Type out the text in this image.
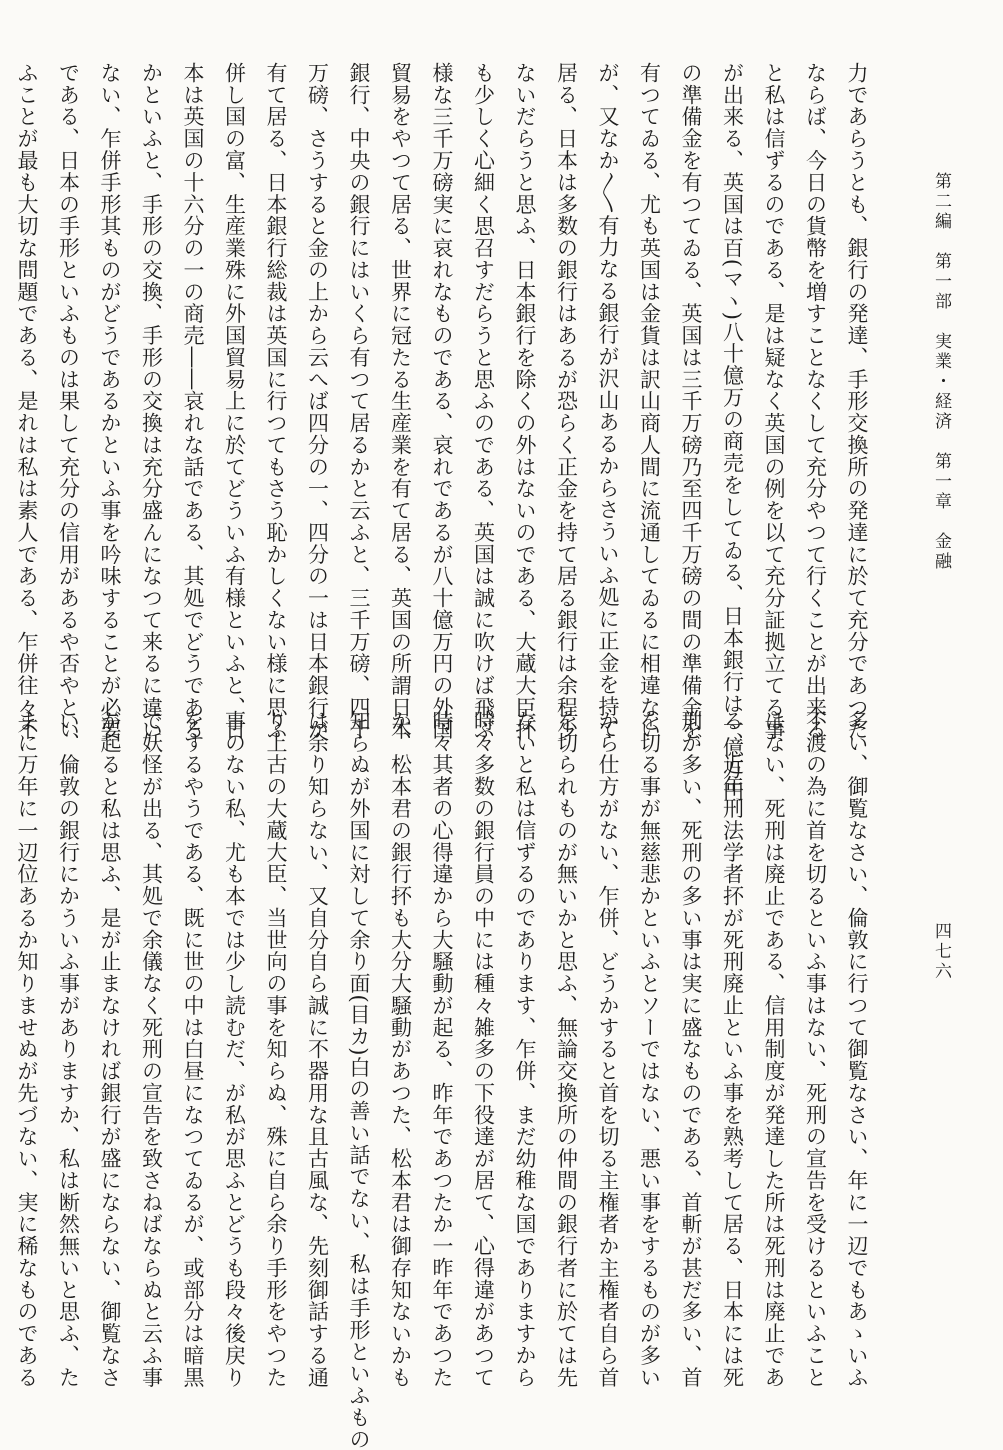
第二編　第一部　実業・経済　第一章　金融
四七六
力であらうとも、銀行の発達、手形交換所の発達に於て充分であつた
ならば、今日の貨幣を増すことなくして充分やつて行くことが出来る
と私は信ずるのである、是は疑なく英国の例を以て充分証拠立てる事
が出来る、英国は百(マヽ)八十億万の商売をしてゐる、日本銀行は一億万円
の準備金を有つてゐる、英国は三千万磅乃至四千万磅の間の準備金を
有つてゐる、尤も英国は金貨は訳山商人間に流通してゐるに相違ない
が、又なか〳〵有力なる銀行が沢山あるからさういふ処に正金を持て
居る、日本は多数の銀行はあるが恐らく正金を持て居る銀行は余程少
ないだらうと思ふ、日本銀行を除くの外はないのである、大蔵大臣抔
も少しく心細く思召すだらうと思ふのである、英国は誠に吹けば飛ぶ
様な三千万磅実に哀れなものである、哀れであるが八十億万円の外国
貿易をやつて居る、世界に冠たる生産業を有て居る、英国の所謂日本
銀行、中央の銀行にはいくら有つて居るかと云ふと、三千万磅、四千
万磅、さうすると金の上から云へば四分の一、四分の一は日本銀行が
有て居る、日本銀行総裁は英国に行つてもさう恥かしくない様に思ふ
併し国の富、生産業殊に外国貿易上に於てどういふ有様といふと、日
本は英国の十六分の一の商売――哀れな話である、其処でどうである
かといふと、手形の交換、手形の交換は充分盛んになつて来るに違い
ない、乍併手形其ものがどうであるかといふ事を吟味することが必要
である、日本の手形といふものは果して充分の信用があるや否やとい
ふことが最も大切な問題である、是れは私は素人である、乍併往々不
多い、御覧なさい、倫敦に行つて御覧なさい、年に一辺でもあゝいふ
不渡の為に首を切るといふ事はない、死刑の宣告を受けるといふこと
はない、死刑は廃止である、信用制度が発達した所は死刑は廃止であ
る、近年刑法学者抔が死刑廃止といふ事を熟考して居る、日本には死
刑が多い、死刑の多い事は実に盛なものである、首斬が甚だ多い、首
を切る事が無慈悲かといふとソーではない、悪い事をするものが多い
から仕方がない、乍併、どうかすると首を切る主権者か主権者自ら首
を切られものが無いかと思ふ、無論交換所の仲間の銀行者に於ては先
ないと私は信ずるのであります、乍併、まだ幼稚な国でありますから
時々多数の銀行員の中には種々雑多の下役達が居て、心得違があつて
時々其者の心得違から大騒動が起る、昨年であつたか一昨年であつた
か、松本君の銀行抔も大分大騒動があつた、松本君は御存知ないかも
知らぬが外国に対して余り面(目カ)白の善い話でない、私は手形といふもの
は余り知らない、又自分自ら誠に不器用な且古風な、先刻御話する通
り上古の大蔵大臣、当世向の事を知らぬ、殊に自ら余り手形をやつた
事のない私、尤も本では少し読むだ、が私が思ふとどうも段々後戻り
をするやうである、既に世の中は白昼になつてゐるが、或部分は暗黒
で妖怪が出る、其処で余儀なく死刑の宣告を致さねばならぬと云ふ事
が起ると私は思ふ、是が止まなければ銀行が盛にならない、御覧なさ
い、倫敦の銀行にかういふ事がありますか、私は断然無いと思ふ、た
まに万年に一辺位あるか知りませぬが先づない、実に稀なものである
